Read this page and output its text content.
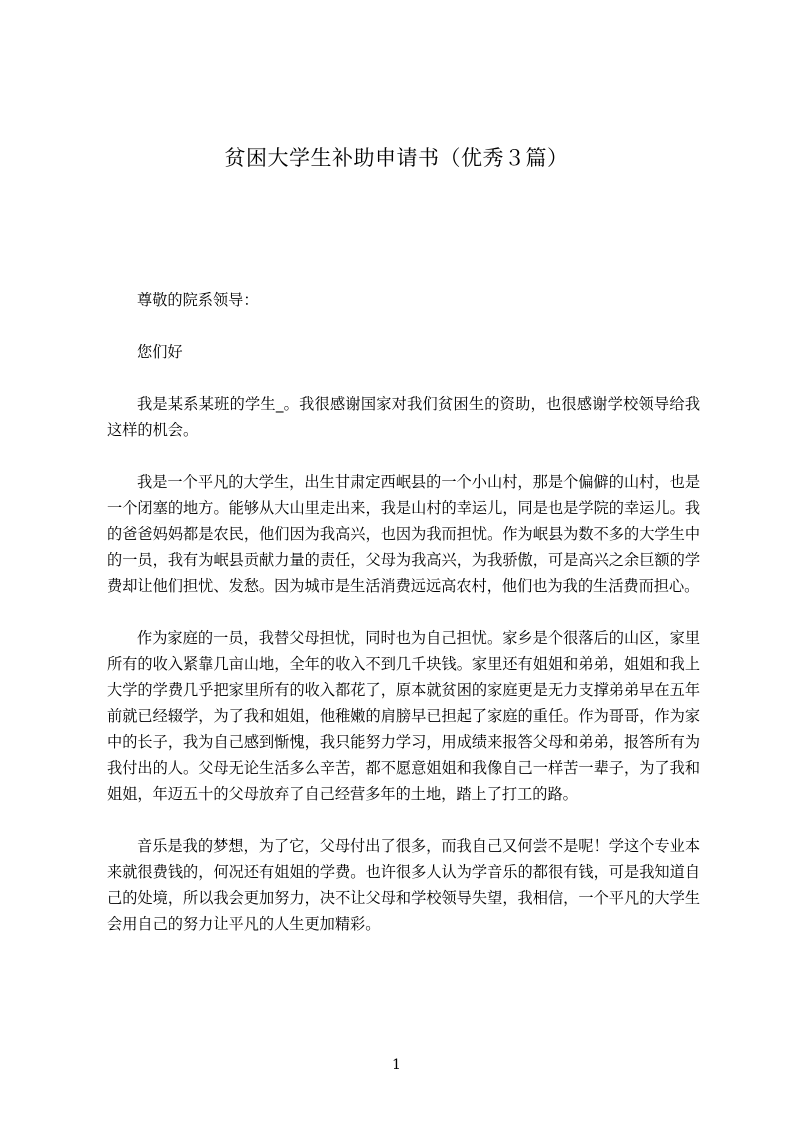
贫困大学生补助申请书（优秀３篇）

尊敬的院系领导：

您们好

我是某系某班的学生_。我很感谢国家对我们贫困生的资助，也很感谢学校领导给我这样的机会。

我是一个平凡的大学生，出生甘肃定西岷县的一个小山村，那是个偏僻的山村，也是一个闭塞的地方。能够从大山里走出来，我是山村的幸运儿，同是也是学院的幸运儿。我的爸爸妈妈都是农民，他们因为我高兴，也因为我而担忧。作为岷县为数不多的大学生中的一员，我有为岷县贡献力量的责任，父母为我高兴，为我骄傲，可是高兴之余巨额的学费却让他们担忧、发愁。因为城市是生活消费远远高农村，他们也为我的生活费而担心。

作为家庭的一员，我替父母担忧，同时也为自己担忧。家乡是个很落后的山区，家里所有的收入紧靠几亩山地，全年的收入不到几千块钱。家里还有姐姐和弟弟，姐姐和我上大学的学费几乎把家里所有的收入都花了，原本就贫困的家庭更是无力支撑弟弟早在五年前就已经辍学，为了我和姐姐，他稚嫩的肩膀早已担起了家庭的重任。作为哥哥，作为家中的长子，我为自己感到惭愧，我只能努力学习，用成绩来报答父母和弟弟，报答所有为我付出的人。父母无论生活多么辛苦，都不愿意姐姐和我像自己一样苦一辈子，为了我和姐姐，年迈五十的父母放弃了自己经营多年的土地，踏上了打工的路。

音乐是我的梦想，为了它，父母付出了很多，而我自己又何尝不是呢！学这个专业本来就很费钱的，何况还有姐姐的学费。也许很多人认为学音乐的都很有钱，可是我知道自己的处境，所以我会更加努力，决不让父母和学校领导失望，我相信，一个平凡的大学生会用自己的努力让平凡的人生更加精彩。

1
